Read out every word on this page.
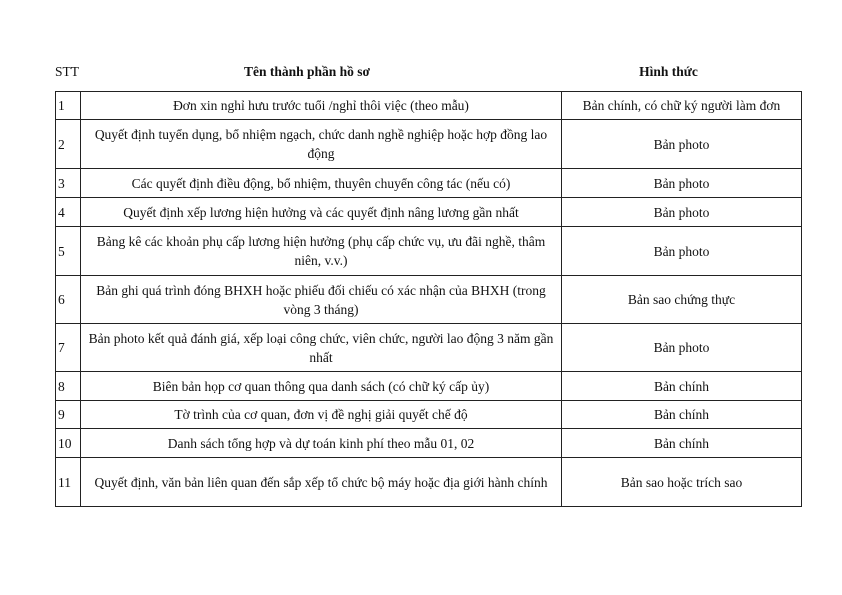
STT	Tên thành phần hồ sơ	Hình thức
1	Đơn xin nghỉ hưu trước tuổi /nghỉ thôi việc (theo mẫu)	Bản chính, có chữ ký người làm đơn
2	Quyết định tuyển dụng, bổ nhiệm ngạch, chức danh nghề nghiệp hoặc hợp đồng lao động	Bản photo
3	Các quyết định điều động, bổ nhiệm, thuyên chuyển công tác (nếu có)	Bản photo
4	Quyết định xếp lương hiện hưởng và các quyết định nâng lương gần nhất	Bản photo
5	Bảng kê các khoản phụ cấp lương hiện hưởng (phụ cấp chức vụ, ưu đãi nghề, thâm niên, v.v.)	Bản photo
6	Bản ghi quá trình đóng BHXH hoặc phiếu đối chiếu có xác nhận của BHXH (trong vòng 3 tháng)	Bản sao chứng thực
7	Bản photo kết quả đánh giá, xếp loại công chức, viên chức, người lao động 3 năm gần nhất	Bản photo
8	Biên bản họp cơ quan thông qua danh sách (có chữ ký cấp ủy)	Bản chính
9	Tờ trình của cơ quan, đơn vị đề nghị giải quyết chế độ	Bản chính
10	Danh sách tổng hợp và dự toán kinh phí theo mẫu 01, 02	Bản chính
11	Quyết định, văn bản liên quan đến sắp xếp tổ chức bộ máy hoặc địa giới hành chính	Bản sao hoặc trích sao
